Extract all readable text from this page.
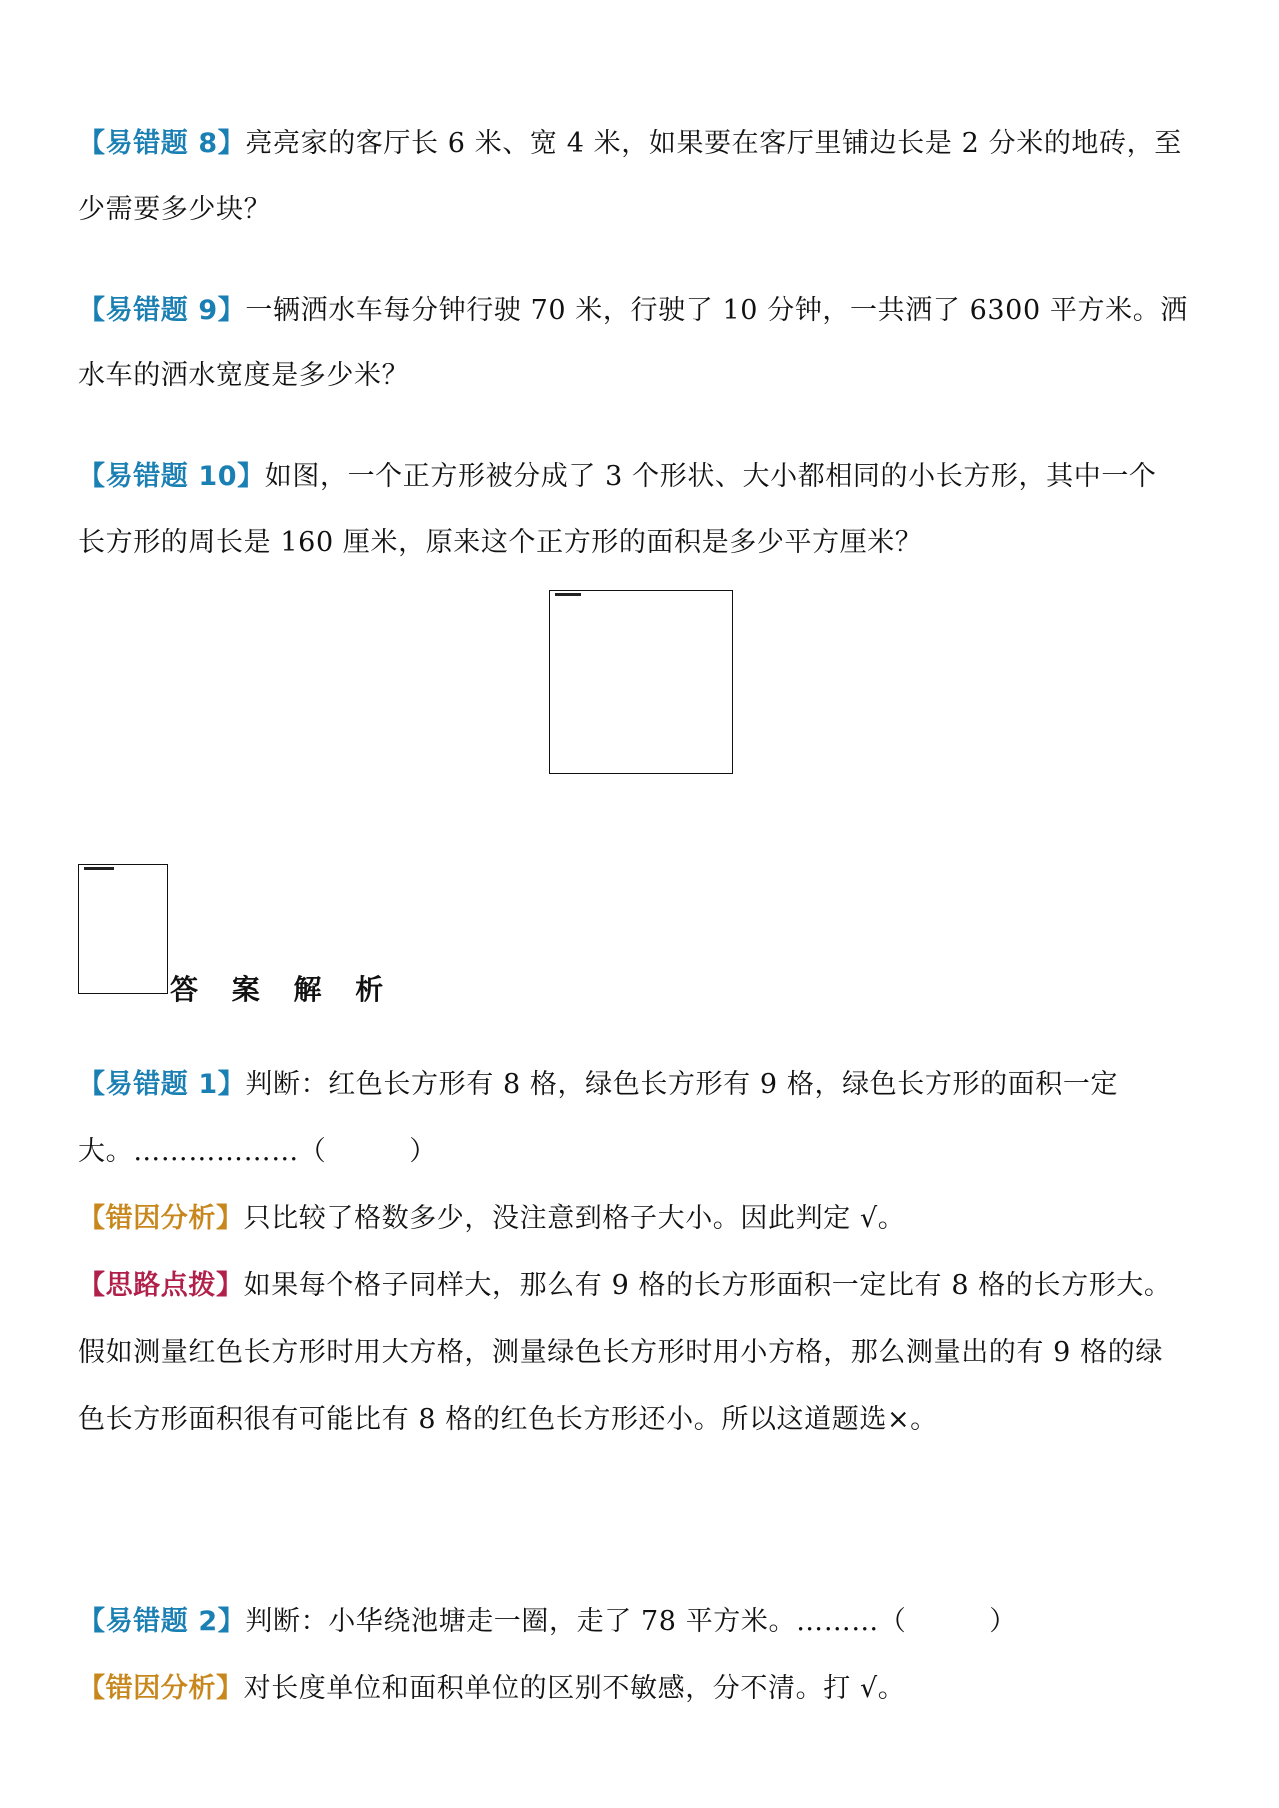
【易错题 8】亮亮家的客厅长 6 米、宽 4 米，如果要在客厅里铺边长是 2 分米的地砖，至
少需要多少块？
【易错题 9】一辆洒水车每分钟行驶 70 米，行驶了 10 分钟，一共洒了 6300 平方米。洒
水车的洒水宽度是多少米？
【易错题 10】如图，一个正方形被分成了 3 个形状、大小都相同的小长方形，其中一个
长方形的周长是 160 厘米，原来这个正方形的面积是多少平方厘米？
答 案 解 析
【易错题 1】判断：红色长方形有 8 格，绿色长方形有 9 格，绿色长方形的面积一定
大。………………（　　　）
【错因分析】只比较了格数多少，没注意到格子大小。因此判定 √。
【思路点拨】如果每个格子同样大，那么有 9 格的长方形面积一定比有 8 格的长方形大。
假如测量红色长方形时用大方格，测量绿色长方形时用小方格，那么测量出的有 9 格的绿
色长方形面积很有可能比有 8 格的红色长方形还小。所以这道题选×。
【易错题 2】判断：小华绕池塘走一圈，走了 78 平方米。………（　　　）
【错因分析】对长度单位和面积单位的区别不敏感，分不清。打 √。
